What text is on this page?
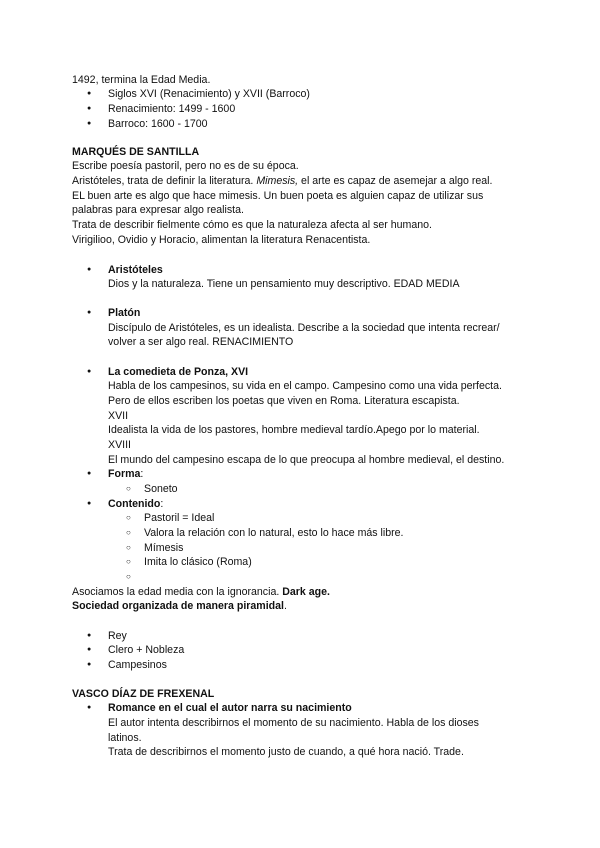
1492, termina la Edad Media.
● Siglos XVI (Renacimiento) y XVII (Barroco)
● Renacimiento: 1499 - 1600
● Barroco: 1600 - 1700
MARQUÉS DE SANTILLA
Escribe poesía pastoril, pero no es de su época.
Aristóteles, trata de definir la literatura. Mimesis, el arte es capaz de asemejar a algo real.
EL buen arte es algo que hace mimesis. Un buen poeta es alguien capaz de utilizar sus
palabras para expresar algo realista.
Trata de describir fielmente cómo es que la naturaleza afecta al ser humano.
Virigilioo, Ovidio y Horacio, alimentan la literatura Renacentista.
● Aristóteles
Dios y la naturaleza. Tiene un pensamiento muy descriptivo. EDAD MEDIA
● Platón
Discípulo de Aristóteles, es un idealista. Describe a la sociedad que intenta recrear/
volver a ser algo real. RENACIMIENTO
● La comedieta de Ponza, XVI
Habla de los campesinos, su vida en el campo. Campesino como una vida perfecta.
Pero de ellos escriben los poetas que viven en Roma. Literatura escapista.
XVII
Idealista la vida de los pastores, hombre medieval tardío.Apego por lo material.
XVIII
El mundo del campesino escapa de lo que preocupa al hombre medieval, el destino.
● Forma:
○ Soneto
● Contenido:
○ Pastoril = Ideal
○ Valora la relación con lo natural, esto lo hace más libre.
○ Mímesis
○ Imita lo clásico (Roma)
Asociamos la edad media con la ignorancia. Dark age.
Sociedad organizada de manera piramidal.
● Rey
● Clero + Nobleza
● Campesinos
VASCO DÍAZ DE FREXENAL
● Romance en el cual el autor narra su nacimiento
El autor intenta describirnos el momento de su nacimiento. Habla de los dioses
latinos.
Trata de describirnos el momento justo de cuando, a qué hora nació. Trade.
